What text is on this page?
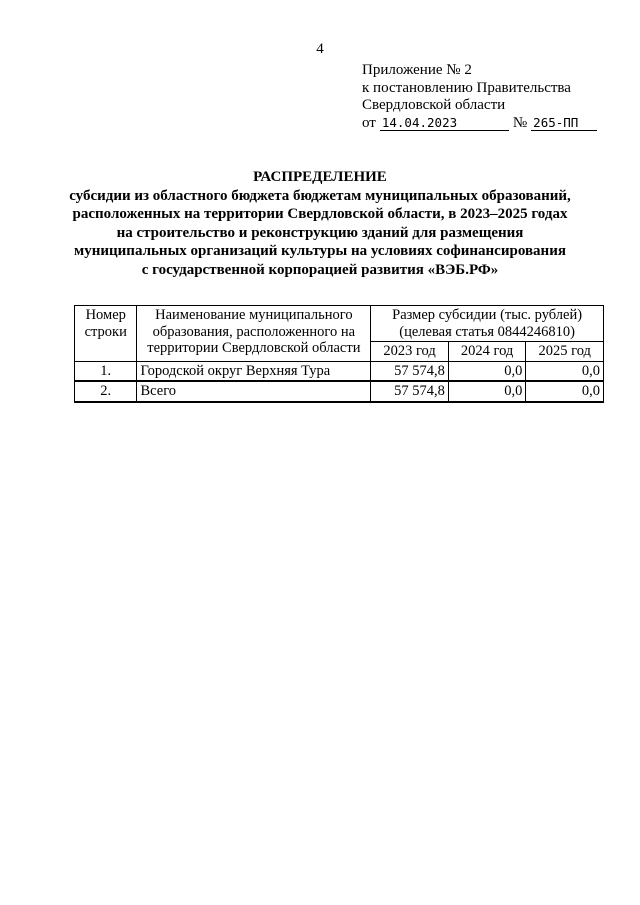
4
Приложение № 2
к постановлению Правительства
Свердловской области
от 14.04.2023	№ 265-ПП
РАСПРЕДЕЛЕНИЕ
субсидии из областного бюджета бюджетам муниципальных образований,
расположенных на территории Свердловской области, в 2023–2025 годах
на строительство и реконструкцию зданий для размещения
муниципальных организаций культуры на условиях софинансирования
с государственной корпорацией развития «ВЭБ.РФ»
Номер строки	Наименование муниципального образования, расположенного на территории Свердловской области	Размер субсидии (тыс. рублей) (целевая статья 0844246810)		
		2023 год	2024 год	2025 год
1.	Городской округ Верхняя Тура	57 574,8	0,0	0,0
2.	Всего	57 574,8	0,0	0,0
